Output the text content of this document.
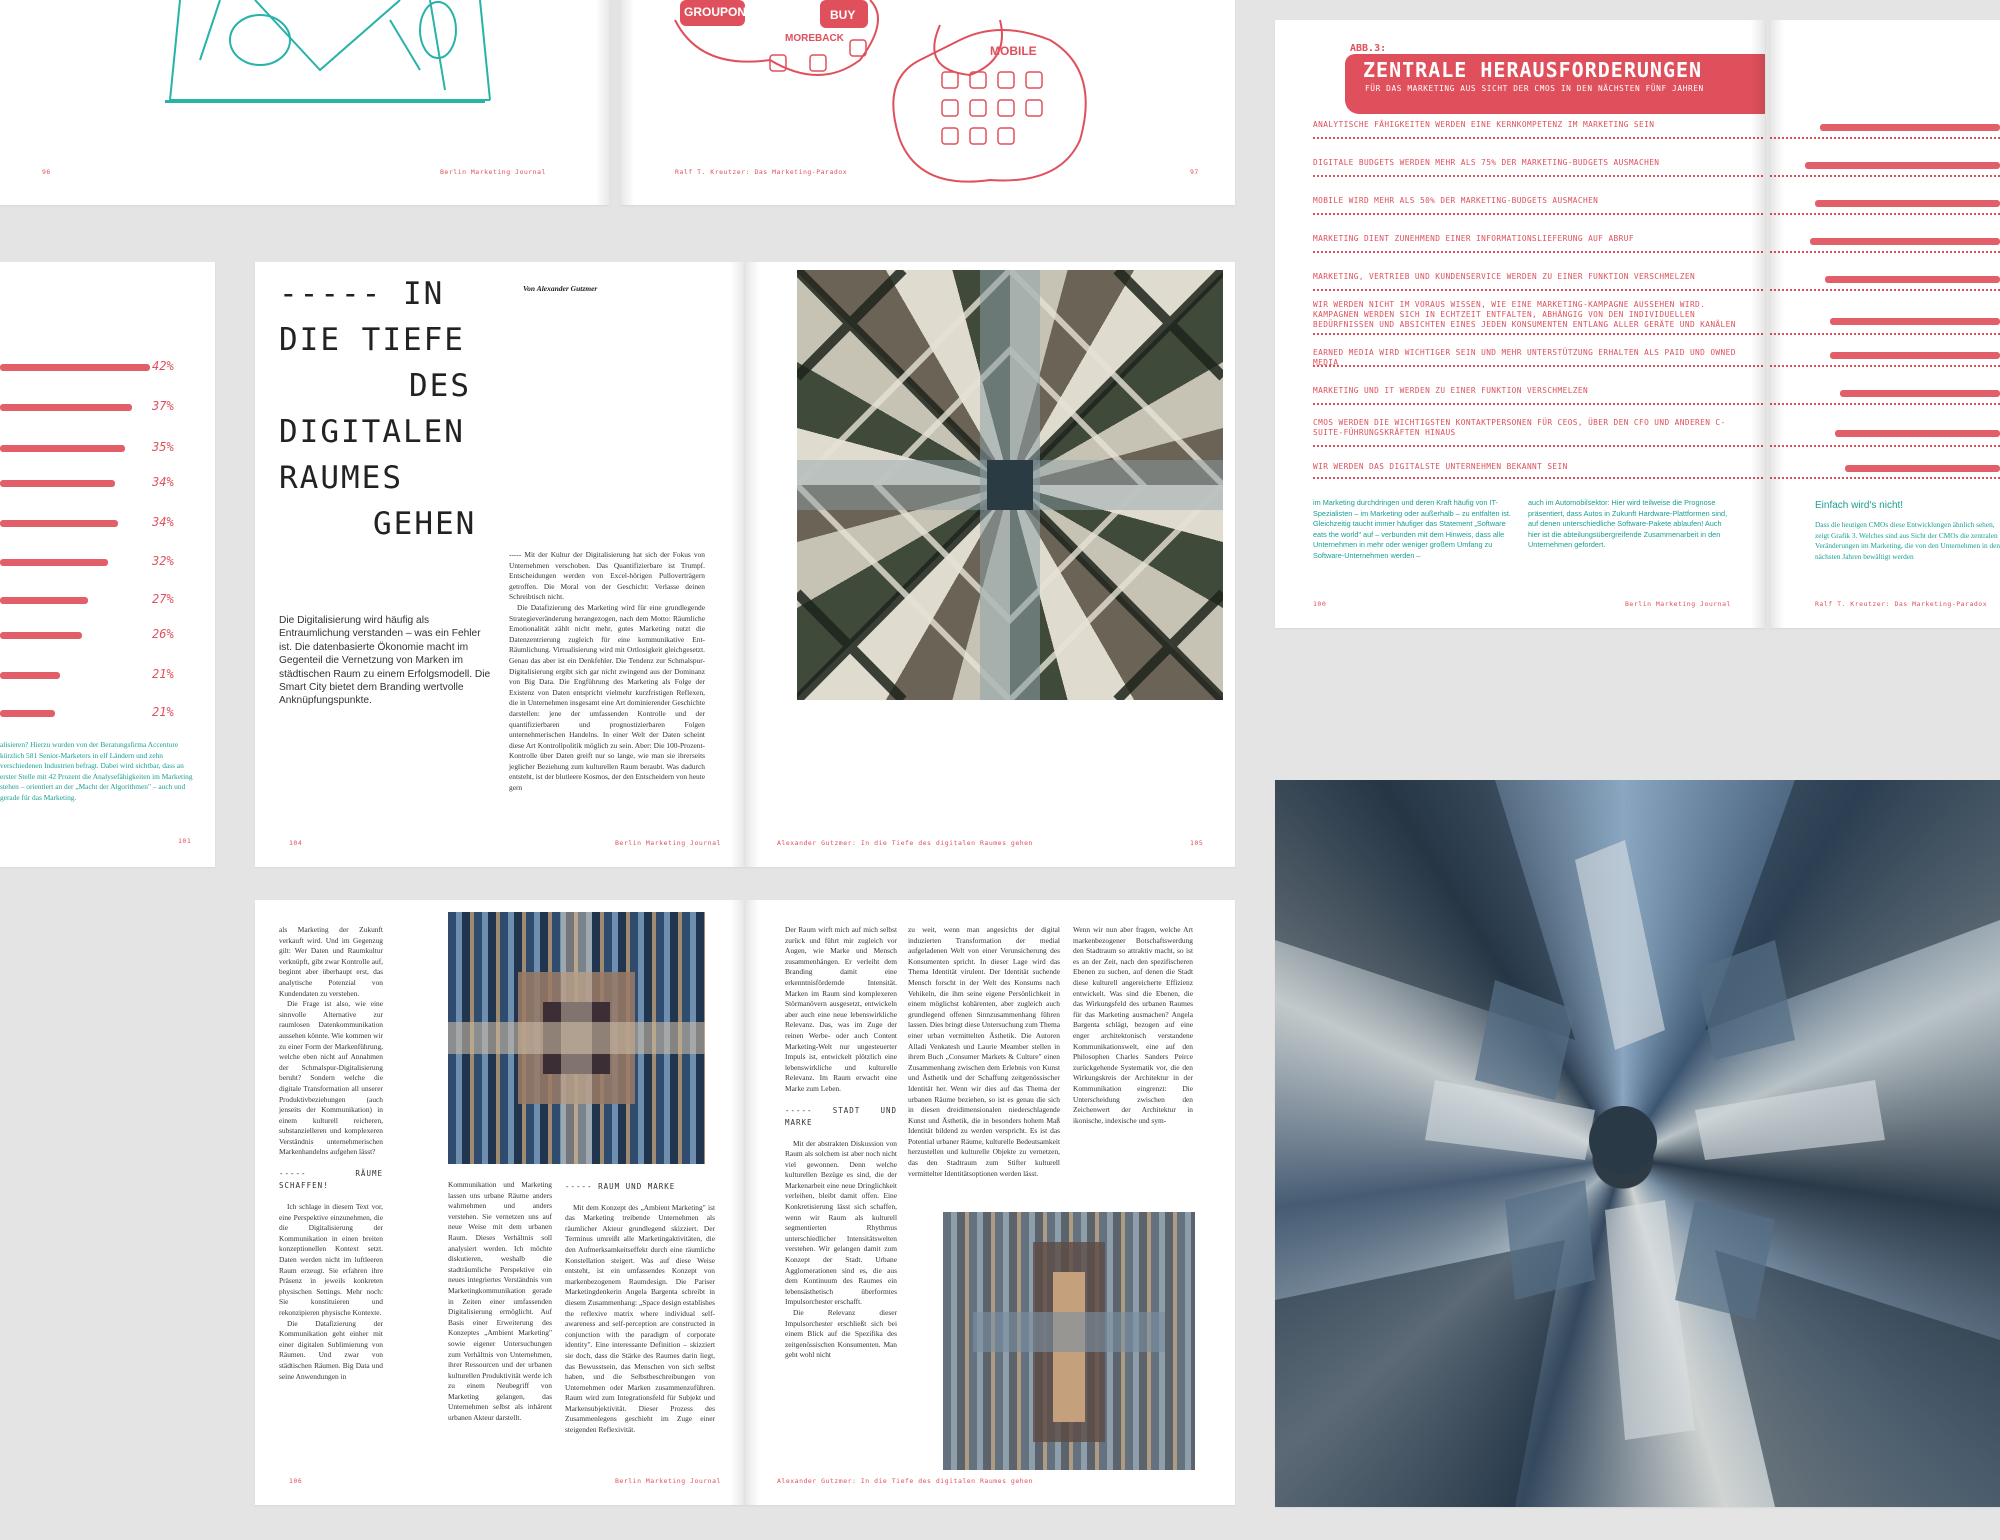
96	Berlin Marketing Journal
GROUPON	BUY
MOREBACK
MOBILE
Ralf T. Kreutzer: Das Marketing-Paradox	97
ABB.3:
ZENTRALE HERAUSFORDERUNGEN
FÜR DAS MARKETING AUS SICHT DER CMOS IN DEN NÄCHSTEN FÜNF JAHREN
ANALYTISCHE FÄHIGKEITEN WERDEN EINE KERNKOMPETENZ IM MARKETING SEIN
DIGITALE BUDGETS WERDEN MEHR ALS 75% DER MARKETING-BUDGETS AUSMACHEN
MOBILE WIRD MEHR ALS 50% DER MARKETING-BUDGETS AUSMACHEN
MARKETING DIENT ZUNEHMEND EINER INFORMATIONSLIEFERUNG AUF ABRUF
MARKETING, VERTRIEB UND KUNDENSERVICE WERDEN ZU EINER FUNKTION VERSCHMELZEN
WIR WERDEN NICHT IM VORAUS WISSEN, WIE EINE MARKETING-KAMPAGNE AUSSEHEN WIRD. KAMPAGNEN WERDEN SICH IN ECHTZEIT ENTFALTEN, ABHÄNGIG VON DEN INDIVIDUELLEN BEDÜRFNISSEN UND ABSICHTEN EINES JEDEN KONSUMENTEN ENTLANG ALLER GERÄTE UND KANÄLEN
EARNED MEDIA WIRD WICHTIGER SEIN UND MEHR UNTERSTÜTZUNG ERHALTEN ALS PAID UND OWNED MEDIA
MARKETING UND IT WERDEN ZU EINER FUNKTION VERSCHMELZEN
CMOS WERDEN DIE WICHTIGSTEN KONTAKTPERSONEN FÜR CEOS, ÜBER DEN CFO UND ANDEREN C-SUITE-FÜHRUNGSKRÄFTEN HINAUS
WIR WERDEN DAS DIGITALSTE UNTERNEHMEN BEKANNT SEIN
im Marketing durchdringen und deren Kraft häufig von IT-Spezialisten – im Marketing oder außerhalb – zu entfalten ist. Gleichzeitig taucht immer häufiger das Statement „Software eats the world" auf – verbunden mit dem Hinweis, dass alle Unternehmen in mehr oder weniger großem Umfang zu Software-Unternehmen werden –
auch im Automobilsektor: Hier wird teilweise die Prognose präsentiert, dass Autos in Zukunft Hardware-Plattformen sind, auf denen unterschiedliche Software-Pakete ablaufen! Auch hier ist die abteilungsübergreifende Zusammenarbeit in den Unternehmen gefordert.
100	Berlin Marketing Journal
Einfach wird's nicht!
Dass die heutigen CMOs diese Entwicklungen ähnlich sehen, zeigt Grafik 3. Welches sind aus Sicht der CMOs die zentralen Veränderungen im Marketing, die von den Unternehmen in den nächsten Jahren bewältigt werden
Ralf T. Kreutzer: Das Marketing-Paradox
42%
37%
35%
34%
34%
32%
27%
26%
21%
21%
alisieren? Hierzu wurden von der Beratungsfirma Accenture kürzlich 581 Senior-Marketers in elf Ländern und zehn verschiedenen Industrien befragt. Dabei wird sichtbar, dass an erster Stelle mit 42 Prozent die Analysefähigkeiten im Marketing stehen – orientiert an der „Macht der Algorithmen" – auch und gerade für das Marketing.
101
----- IN
DIE TIEFE
DES
DIGITALEN
RAUMES
GEHEN
Von Alexander Gutzmer
Die Digitalisierung wird häufig als Entraumlichung verstanden – was ein Fehler ist. Die datenbasierte Ökonomie macht im Gegenteil die Vernetzung von Marken im städtischen Raum zu einem Erfolgsmodell. Die Smart City bietet dem Branding wertvolle Anknüpfungspunkte.

----- Mit der Kultur der Digitalisierung hat sich der Fokus von Unternehmen verschoben. Das Quantifizierbare ist Trumpf. Entscheidungen werden von Excel-hörigen Pulloverträgern getroffen. Die Moral von der Geschicht: Verlasse deinen Schreibtisch nicht.

Die Datafizierung des Marketing wird für eine grundlegende Strategieveränderung herangezogen, nach dem Motto: Räumliche Emotionalität zählt nicht mehr, gutes Marketing nutzt die Datenzentrierung zugleich für eine kommunikative Ent-Räumlichung. Virtualisierung wird mit Ortlosigkeit gleichgesetzt. Genau das aber ist ein Denkfehler. Die Tendenz zur Schmalspur-Digitalisierung ergibt sich gar nicht zwingend aus der Dominanz von Big Data. Die Engführung des Marketing als Folge der Existenz von Daten entspricht vielmehr kurzfristigen Reflexen, die in Unternehmen insgesamt eine Art dominierender Geschichte darstellen: jene der umfassenden Kontrolle und der quantifizierbaren und prognostizierbaren Folgen unternehmerischen Handelns. In einer Welt der Daten scheint diese Art Kontrollpolitik möglich zu sein. Aber: Die 100-Prozent-Kontrolle über Daten greift nur so lange, wie man sie ihrerseits jeglicher Beziehung zum kulturellen Raum beraubt. Was dadurch entsteht, ist der blutleere Kosmos, der den Entscheidern von heute gern

104	Berlin Marketing Journal	Alexander Gutzmer: In die Tiefe des digitalen Raumes gehen	105

als Marketing der Zukunft verkauft wird. Und im Gegenzug gilt: Wer Daten und Raumkultur verknüpft, gibt zwar Kontrolle auf, beginnt aber überhaupt erst, das analytische Potenzial von Kundendaten zu verstehen.

Die Frage ist also, wie eine sinnvolle Alternative zur raumlosen Datenkommunikation aussehen könnte. Wie kommen wir zu einer Form der Markenführung, welche eben nicht auf Annahmen der Schmalspur-Digitalisierung beruht? Sondern welche die digitale Transformation all unserer Produktivbeziehungen (auch jenseits der Kommunikation) in einem kulturell reicheren, substanzielleren und komplexeren Verständnis unternehmerischen Markenhandelns aufgehen lässt?

----- RÄUME SCHAFFEN!

Ich schlage in diesem Text vor, eine Perspektive einzunehmen, die die Digitalisierung der Kommunikation in einen breiten konzeptionellen Kontext setzt. Daten werden nicht im luftleeren Raum erzeugt. Sie erfahren ihre Präsenz in jeweils konkreten physischen Settings. Mehr noch: Sie konstituieren und rekonzipieren physische Kontexte.

Die Datafizierung der Kommunikation geht einher mit einer digitalen Sublimierung von Räumen. Und zwar von städtischen Räumen. Big Data und seine Anwendungen in

Kommunikation und Marketing lassen uns urbane Räume anders wahrnehmen und anders verstehen. Sie vernetzen uns auf neue Weise mit dem urbanen Raum. Dieses Verhältnis soll analysiert werden. Ich möchte diskutieren, weshalb die stadträumliche Perspektive ein neues integriertes Verständnis von Marketingkommunikation gerade in Zeiten einer umfassenden Digitalisierung ermöglicht. Auf Basis einer Erweiterung des Konzeptes „Ambient Marketing" sowie eigener Untersuchungen zum Verhältnis von Unternehmen, ihrer Ressourcen und der urbanen kulturellen Produktivität werde ich zu einem Neubegriff von Marketing gelangen, das Unternehmen selbst als inhärent urbanen Akteur darstellt.

----- RAUM UND MARKE

Mit dem Konzept des „Ambient Marketing" ist das Marketing treibende Unternehmen als räumlicher Akteur grundlegend skizziert. Der Terminus umreißt alle Marketingaktivitäten, die den Aufmerksamkeitseffekt durch eine räumliche Konstellation steigert. Was auf diese Weise entsteht, ist ein umfassendes Konzept von markenbezogenem Raumdesign. Die Pariser Marketingdenkerin Angela Bargenta schreibt in diesem Zusammenhang: „Space design establishes the reflexive matrix where individual self-awareness and self-perception are constructed in conjunction with the paradigm of corporate identity". Eine interessante Definition – skizziert sie doch, dass die Stärke des Raumes darin liegt, das Bewusstsein, das Menschen von sich selbst haben, und die Selbstbeschreibungen von Unternehmen oder Marken zusammenzuführen. Raum wird zum Integrationsfeld für Subjekt und Markensubjektivität. Dieser Prozess des Zusammenlegens geschieht im Zuge einer steigenden Reflexivität.

106	Berlin Marketing Journal

Der Raum wirft mich auf mich selbst zurück und führt mir zugleich vor Augen, wie Marke und Mensch zusammenhängen. Er verleiht dem Branding damit eine erkenntnisfördernde Intensität. Marken im Raum sind komplexeren Störmanövern ausgesetzt, entwickeln aber auch eine neue lebenswirkliche Relevanz. Das, was im Zuge der reinen Werbe- oder auch Content Marketing-Welt nur ungesteuerter Impuls ist, entwickelt plötzlich eine lebenswirkliche und kulturelle Relevanz. Im Raum erwacht eine Marke zum Leben.

----- STADT UND MARKE

Mit der abstrakten Diskussion von Raum als solchem ist aber noch nicht viel gewonnen. Denn welche kulturellen Bezüge es sind, die der Markenarbeit eine neue Dringlichkeit verleihen, bleibt damit offen. Eine Konkretisierung lässt sich schaffen, wenn wir Raum als kulturell segmentierten Rhythmus unterschiedlicher Intensitätswelten verstehen. Wir gelangen damit zum Konzept der Stadt. Urbane Agglomerationen sind es, die aus dem Kontinuum des Raumes ein lebensästhetisch überformtes Impulsorchester erschafft.

Die Relevanz dieser Impulsorchester erschließt sich bei einem Blick auf die Spezifika des zeitgenössischen Konsumenten. Man geht wohl nicht

zu weit, wenn man angesichts der digital induzierten Transformation der medial aufgeladenen Welt von einer Verunsicherung des Konsumenten spricht. In dieser Lage wird das Thema Identität virulent. Der Identität suchende Mensch forscht in der Welt des Konsums nach Vehikeln, die ihm seine eigene Persönlichkeit in einem möglichst kohärenten, aber zugleich auch grundlegend offenen Sinnzusammenhang führen lassen. Dies bringt diese Untersuchung zum Thema einer urban vermittelten Ästhetik. Die Autoren Alladi Venkatesh und Laurie Meamber stellen in ihrem Buch „Consumer Markets & Culture" einen Zusammenhang zwischen dem Erlebnis von Kunst und Ästhetik und der Schaffung zeitgenössischer Identität her. Wenn wir dies auf das Thema der urbanen Räume beziehen, so ist es genau die sich in diesen dreidimensionalen niederschlagende Kunst und Ästhetik, die in besonders hohem Maß Identität bildend zu werden verspricht. Es ist das Potential urbaner Räume, kulturelle Bedeutsamkeit herzustellen und kulturelle Objekte zu vernetzen, das den Stadtraum zum Stifter kulturell vermittelter Identitätsoptionen werden lässt.

Wenn wir nun aber fragen, welche Art markenbezogener Botschaftswerdung den Stadtraum so attraktiv macht, so ist es an der Zeit, nach den spezifischeren Ebenen zu suchen, auf denen die Stadt diese kulturell angereicherte Effizienz entwickelt. Was sind die Ebenen, die das Wirkungsfeld des urbanen Raumes für das Marketing ausmachen? Angela Bargenta schlägt, bezogen auf eine enger architektonisch verstandene Kommunikationswelt, eine auf den Philosophen Charles Sanders Peirce zurückgehende Systematik vor, die den Wirkungskreis der Architektur in der Kommunikation eingrenzt: Die Unterscheidung zwischen den Zeichenwert der Architektur in ikonische, indexische und sym-

Alexander Gutzmer: In die Tiefe des digitalen Raumes gehen
